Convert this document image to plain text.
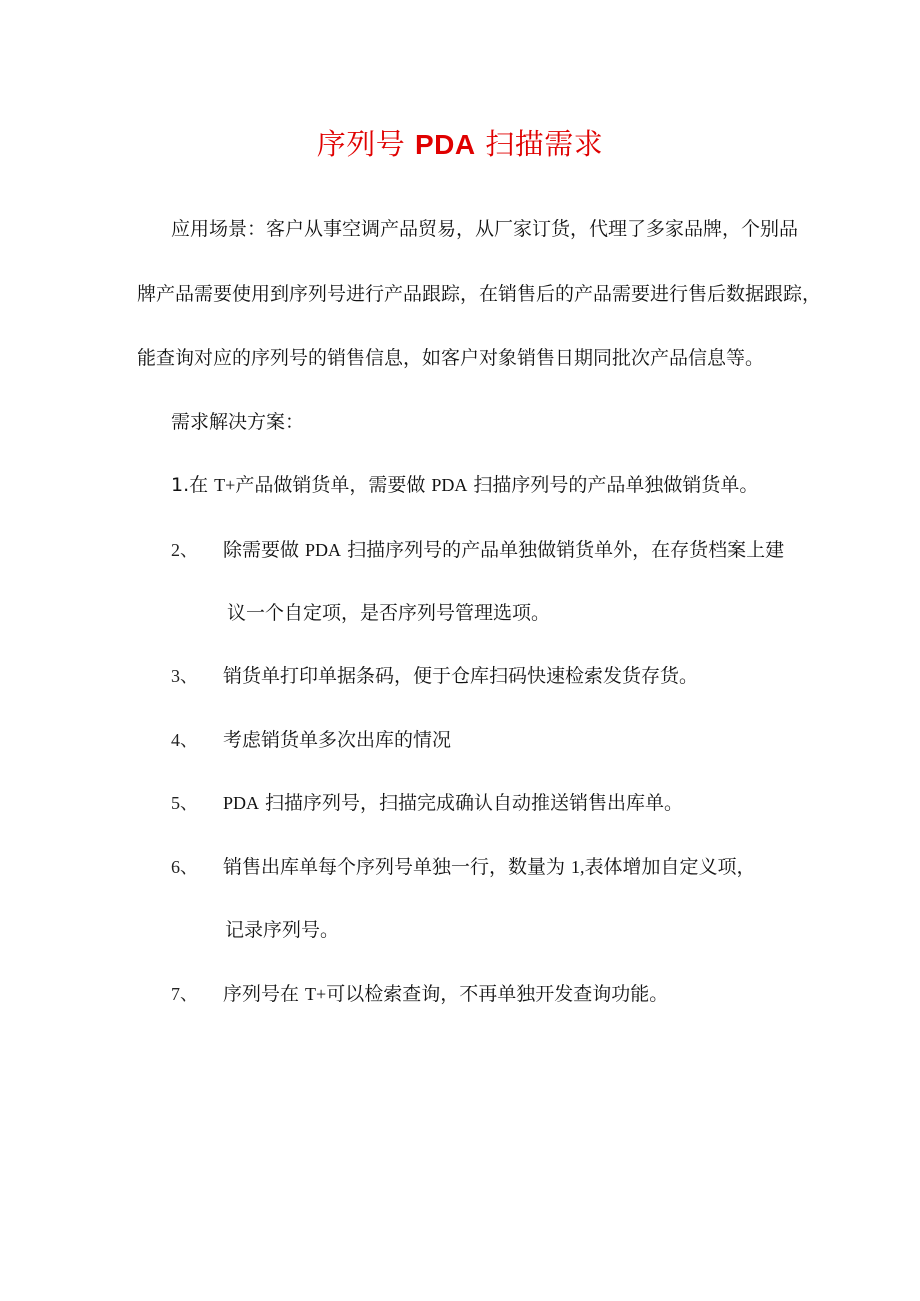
序列号 PDA 扫描需求
应用场景：客户从事空调产品贸易，从厂家订货，代理了多家品牌，个别品
牌产品需要使用到序列号进行产品跟踪，在销售后的产品需要进行售后数据跟踪，
能查询对应的序列号的销售信息，如客户对象销售日期同批次产品信息等。
需求解决方案：
1.在 T+产品做销货单，需要做 PDA 扫描序列号的产品单独做销货单。
2、 除需要做 PDA 扫描序列号的产品单独做销货单外，在存货档案上建
议一个自定项，是否序列号管理选项。
3、 销货单打印单据条码，便于仓库扫码快速检索发货存货。
4、 考虑销货单多次出库的情况
5、 PDA 扫描序列号，扫描完成确认自动推送销售出库单。
6、 销售出库单每个序列号单独一行，数量为 1,表体增加自定义项，
记录序列号。
7、 序列号在 T+可以检索查询，不再单独开发查询功能。
